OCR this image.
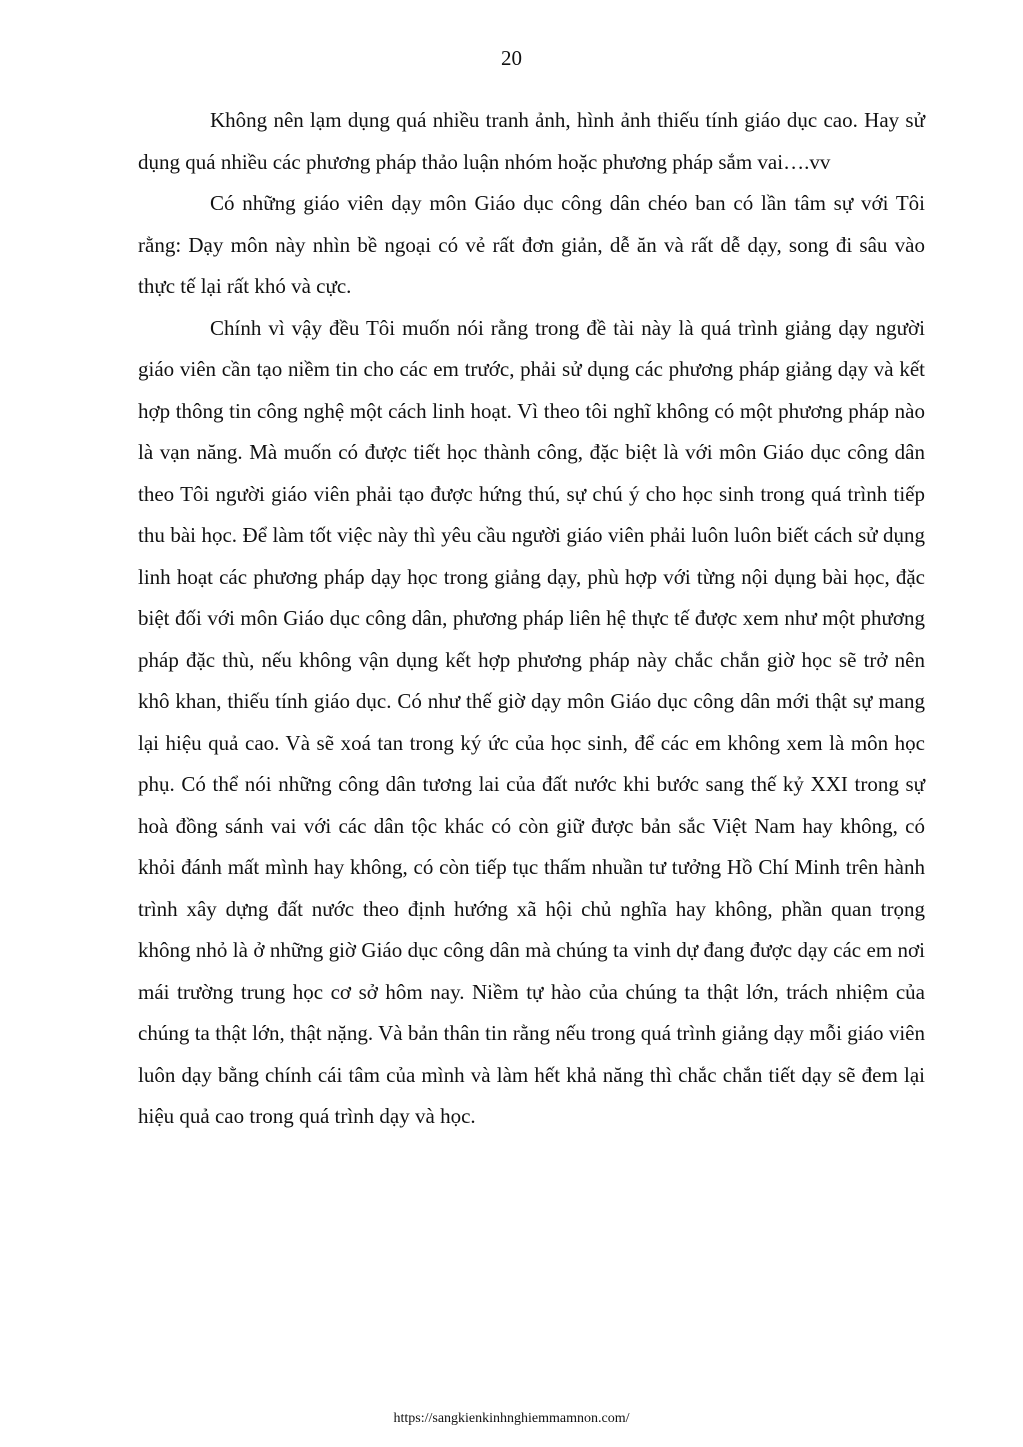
20

Không nên lạm dụng quá nhiều tranh ảnh, hình ảnh thiếu tính giáo dục cao. Hay sử dụng quá nhiều các phương pháp thảo luận nhóm hoặc phương pháp sắm vai….vv

Có những giáo viên dạy môn Giáo dục công dân chéo ban có lần tâm sự với Tôi rằng: Dạy môn này nhìn bề ngoại có vẻ rất đơn giản, dễ ăn và rất dễ dạy, song đi sâu vào thực tế lại rất khó và cực.

Chính vì vậy đều Tôi muốn nói rằng trong đề tài này là quá trình giảng dạy người giáo viên cần tạo niềm tin cho các em trước, phải sử dụng các phương pháp giảng dạy và kết hợp thông tin công nghệ một cách linh hoạt. Vì theo tôi nghĩ không có một phương pháp nào là vạn năng. Mà muốn có được tiết học thành công, đặc biệt là với môn Giáo dục công dân theo Tôi người giáo viên phải tạo được hứng thú, sự chú ý cho học sinh trong quá trình tiếp thu bài học. Để làm tốt việc này thì yêu cầu người giáo viên phải luôn luôn biết cách sử dụng linh hoạt các phương pháp dạy học trong giảng dạy, phù hợp với từng nội dụng bài học, đặc biệt đối với môn Giáo dục công dân, phương pháp liên hệ thực tế được xem như một phương pháp đặc thù, nếu không vận dụng kết hợp phương pháp này chắc chắn giờ học sẽ trở nên khô khan, thiếu tính giáo dục. Có như thế giờ dạy môn Giáo dục công dân mới thật sự mang lại hiệu quả cao. Và sẽ xoá tan trong ký ức của học sinh, để các em không xem là môn học phụ. Có thể nói những công dân tương lai của đất nước khi bước sang thế kỷ XXI trong sự hoà đồng sánh vai với các dân tộc khác có còn giữ được bản sắc Việt Nam hay không, có khỏi đánh mất mình hay không, có còn tiếp tục thấm nhuần tư tưởng Hồ Chí Minh trên hành trình xây dựng đất nước theo định hướng xã hội chủ nghĩa hay không, phần quan trọng không nhỏ là ở những giờ Giáo dục công dân mà chúng ta vinh dự đang được dạy các em nơi mái trường trung học cơ sở hôm nay. Niềm tự hào của chúng ta thật lớn, trách nhiệm của chúng ta thật lớn, thật nặng. Và bản thân tin rằng nếu trong quá trình giảng dạy mỗi giáo viên luôn dạy bằng chính cái tâm của mình và làm hết khả năng thì chắc chắn tiết dạy sẽ đem lại hiệu quả cao trong quá trình dạy và học.

https://sangkienkinhnghiemmamnon.com/
